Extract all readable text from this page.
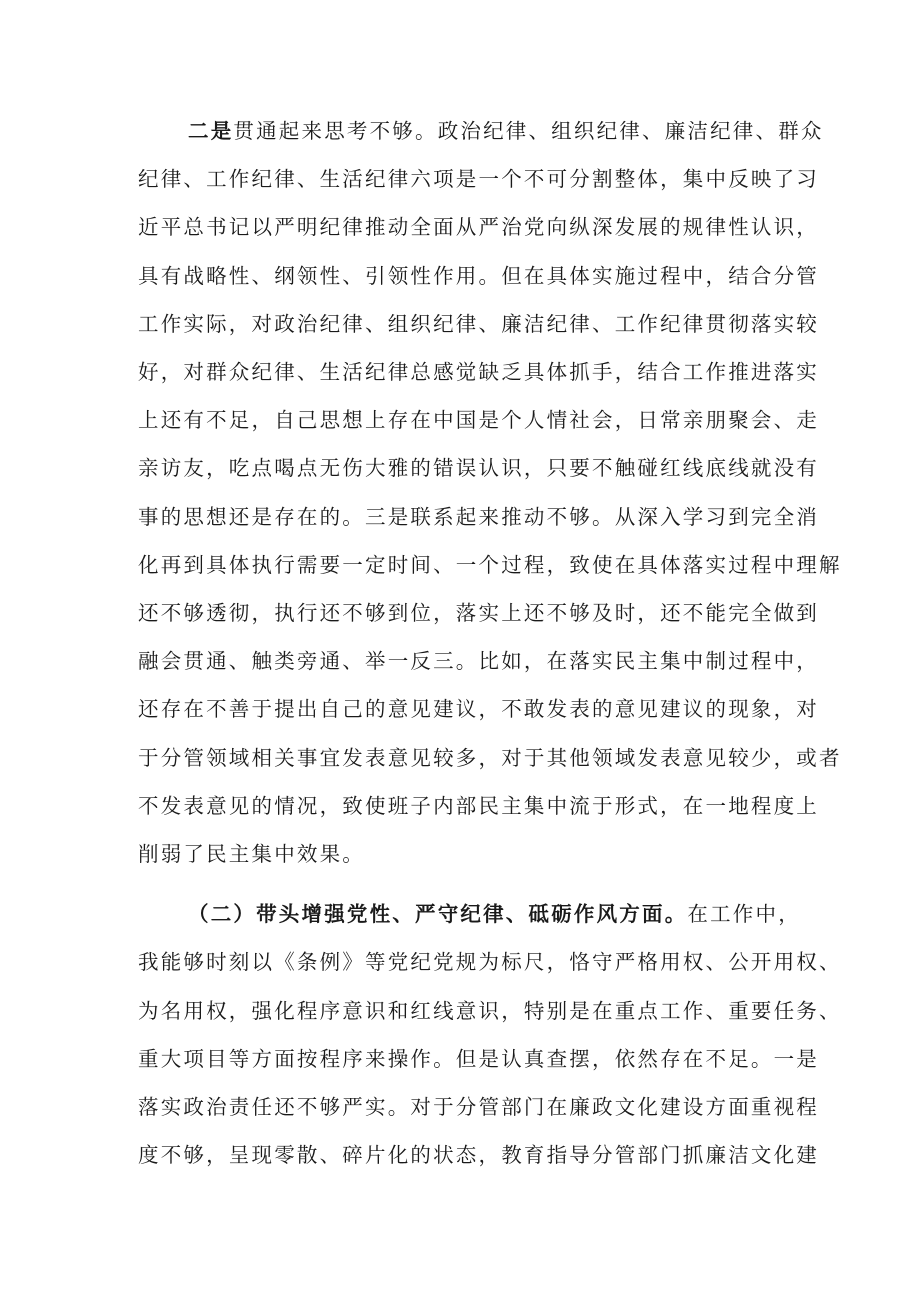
二是贯通起来思考不够。政治纪律、组织纪律、廉洁纪律、群众
纪律、工作纪律、生活纪律六项是一个不可分割整体，集中反映了习
近平总书记以严明纪律推动全面从严治党向纵深发展的规律性认识，
具有战略性、纲领性、引领性作用。但在具体实施过程中，结合分管
工作实际，对政治纪律、组织纪律、廉洁纪律、工作纪律贯彻落实较
好，对群众纪律、生活纪律总感觉缺乏具体抓手，结合工作推进落实
上还有不足，自己思想上存在中国是个人情社会，日常亲朋聚会、走
亲访友，吃点喝点无伤大雅的错误认识，只要不触碰红线底线就没有
事的思想还是存在的。三是联系起来推动不够。从深入学习到完全消
化再到具体执行需要一定时间、一个过程，致使在具体落实过程中理解
还不够透彻，执行还不够到位，落实上还不够及时，还不能完全做到
融会贯通、触类旁通、举一反三。比如，在落实民主集中制过程中，
还存在不善于提出自己的意见建议，不敢发表的意见建议的现象，对
于分管领域相关事宜发表意见较多，对于其他领域发表意见较少，或者
不发表意见的情况，致使班子内部民主集中流于形式，在一地程度上
削弱了民主集中效果。
（二）带头增强党性、严守纪律、砥砺作风方面。在工作中，
我能够时刻以《条例》等党纪党规为标尺，恪守严格用权、公开用权、
为名用权，强化程序意识和红线意识，特别是在重点工作、重要任务、
重大项目等方面按程序来操作。但是认真查摆，依然存在不足。一是
落实政治责任还不够严实。对于分管部门在廉政文化建设方面重视程
度不够，呈现零散、碎片化的状态，教育指导分管部门抓廉洁文化建
